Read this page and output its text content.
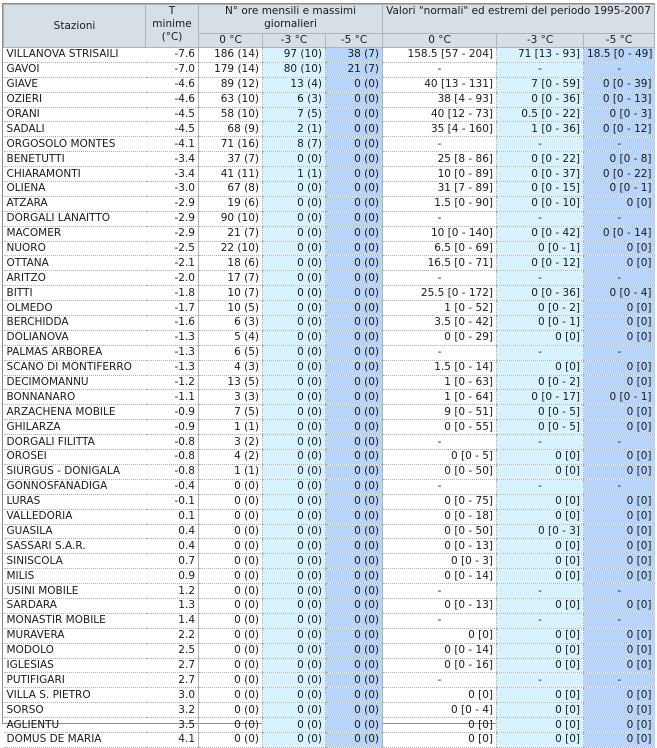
Stazioni	T minime (°C)	N° ore mensili e massimi giornalieri			Valori "normali" ed estremi del periodo 1995-2007		
		0 °C	-3 °C	-5 °C	0 °C	-3 °C	-5 °C
VILLANOVA STRISAILI	-7.6	186 (14)	97 (10)	38 (7)	158.5 [57 - 204]	71 [13 - 93]	18.5 [0 - 49]
GAVOI	-7.0	179 (14)	80 (10)	21 (7)	-	-	-
GIAVE	-4.6	89 (12)	13 (4)	0 (0)	40 [13 - 131]	7 [0 - 59]	0 [0 - 39]
OZIERI	-4.6	63 (10)	6 (3)	0 (0)	38 [4 - 93]	0 [0 - 36]	0 [0 - 13]
ORANI	-4.5	58 (10)	7 (5)	0 (0)	40 [12 - 73]	0.5 [0 - 22]	0 [0 - 3]
SADALI	-4.5	68 (9)	2 (1)	0 (0)	35 [4 - 160]	1 [0 - 36]	0 [0 - 12]
ORGOSOLO MONTES	-4.1	71 (16)	8 (7)	0 (0)	-	-	-
BENETUTTI	-3.4	37 (7)	0 (0)	0 (0)	25 [8 - 86]	0 [0 - 22]	0 [0 - 8]
CHIARAMONTI	-3.4	41 (11)	1 (1)	0 (0)	10 [0 - 89]	0 [0 - 37]	0 [0 - 22]
OLIENA	-3.0	67 (8)	0 (0)	0 (0)	31 [7 - 89]	0 [0 - 15]	0 [0 - 1]
ATZARA	-2.9	19 (6)	0 (0)	0 (0)	1.5 [0 - 90]	0 [0 - 10]	0 [0]
DORGALI LANAITTO	-2.9	90 (10)	0 (0)	0 (0)	-	-	-
MACOMER	-2.9	21 (7)	0 (0)	0 (0)	10 [0 - 140]	0 [0 - 42]	0 [0 - 14]
NUORO	-2.5	22 (10)	0 (0)	0 (0)	6.5 [0 - 69]	0 [0 - 1]	0 [0]
OTTANA	-2.1	18 (6)	0 (0)	0 (0)	16.5 [0 - 71]	0 [0 - 12]	0 [0]
ARITZO	-2.0	17 (7)	0 (0)	0 (0)	-	-	-
BITTI	-1.8	10 (7)	0 (0)	0 (0)	25.5 [0 - 172]	0 [0 - 36]	0 [0 - 4]
OLMEDO	-1.7	10 (5)	0 (0)	0 (0)	1 [0 - 52]	0 [0 - 2]	0 [0]
BERCHIDDA	-1.6	6 (3)	0 (0)	0 (0)	3.5 [0 - 42]	0 [0 - 1]	0 [0]
DOLIANOVA	-1.3	5 (4)	0 (0)	0 (0)	0 [0 - 29]	0 [0]	0 [0]
PALMAS ARBOREA	-1.3	6 (5)	0 (0)	0 (0)	-	-	-
SCANO DI MONTIFERRO	-1.3	4 (3)	0 (0)	0 (0)	1.5 [0 - 14]	0 [0]	0 [0]
DECIMOMANNU	-1.2	13 (5)	0 (0)	0 (0)	1 [0 - 63]	0 [0 - 2]	0 [0]
BONNANARO	-1.1	3 (3)	0 (0)	0 (0)	1 [0 - 64]	0 [0 - 17]	0 [0 - 1]
ARZACHENA MOBILE	-0.9	7 (5)	0 (0)	0 (0)	9 [0 - 51]	0 [0 - 5]	0 [0]
GHILARZA	-0.9	1 (1)	0 (0)	0 (0)	0 [0 - 55]	0 [0 - 5]	0 [0]
DORGALI FILITTA	-0.8	3 (2)	0 (0)	0 (0)	-	-	-
OROSEI	-0.8	4 (2)	0 (0)	0 (0)	0 [0 - 5]	0 [0]	0 [0]
SIURGUS - DONIGALA	-0.8	1 (1)	0 (0)	0 (0)	0 [0 - 50]	0 [0]	0 [0]
GONNOSFANADIGA	-0.4	0 (0)	0 (0)	0 (0)	-	-	-
LURAS	-0.1	0 (0)	0 (0)	0 (0)	0 [0 - 75]	0 [0]	0 [0]
VALLEDORIA	0.1	0 (0)	0 (0)	0 (0)	0 [0 - 18]	0 [0]	0 [0]
GUASILA	0.4	0 (0)	0 (0)	0 (0)	0 [0 - 50]	0 [0 - 3]	0 [0]
SASSARI S.A.R.	0.4	0 (0)	0 (0)	0 (0)	0 [0 - 13]	0 [0]	0 [0]
SINISCOLA	0.7	0 (0)	0 (0)	0 (0)	0 [0 - 3]	0 [0]	0 [0]
MILIS	0.9	0 (0)	0 (0)	0 (0)	0 [0 - 14]	0 [0]	0 [0]
USINI MOBILE	1.2	0 (0)	0 (0)	0 (0)	-	-	-
SARDARA	1.3	0 (0)	0 (0)	0 (0)	0 [0 - 13]	0 [0]	0 [0]
MONASTIR MOBILE	1.4	0 (0)	0 (0)	0 (0)	-	-	-
MURAVERA	2.2	0 (0)	0 (0)	0 (0)	0 [0]	0 [0]	0 [0]
MODOLO	2.5	0 (0)	0 (0)	0 (0)	0 [0 - 14]	0 [0]	0 [0]
IGLESIAS	2.7	0 (0)	0 (0)	0 (0)	0 [0 - 16]	0 [0]	0 [0]
PUTIFIGARI	2.7	0 (0)	0 (0)	0 (0)	-	-	-
VILLA S. PIETRO	3.0	0 (0)	0 (0)	0 (0)	0 [0]	0 [0]	0 [0]
SORSO	3.2	0 (0)	0 (0)	0 (0)	0 [0 - 4]	0 [0]	0 [0]
AGLIENTU	3.5	0 (0)	0 (0)	0 (0)	0 [0]	0 [0]	0 [0]
DOMUS DE MARIA	4.1	0 (0)	0 (0)	0 (0)	0 [0]	0 [0]	0 [0]
